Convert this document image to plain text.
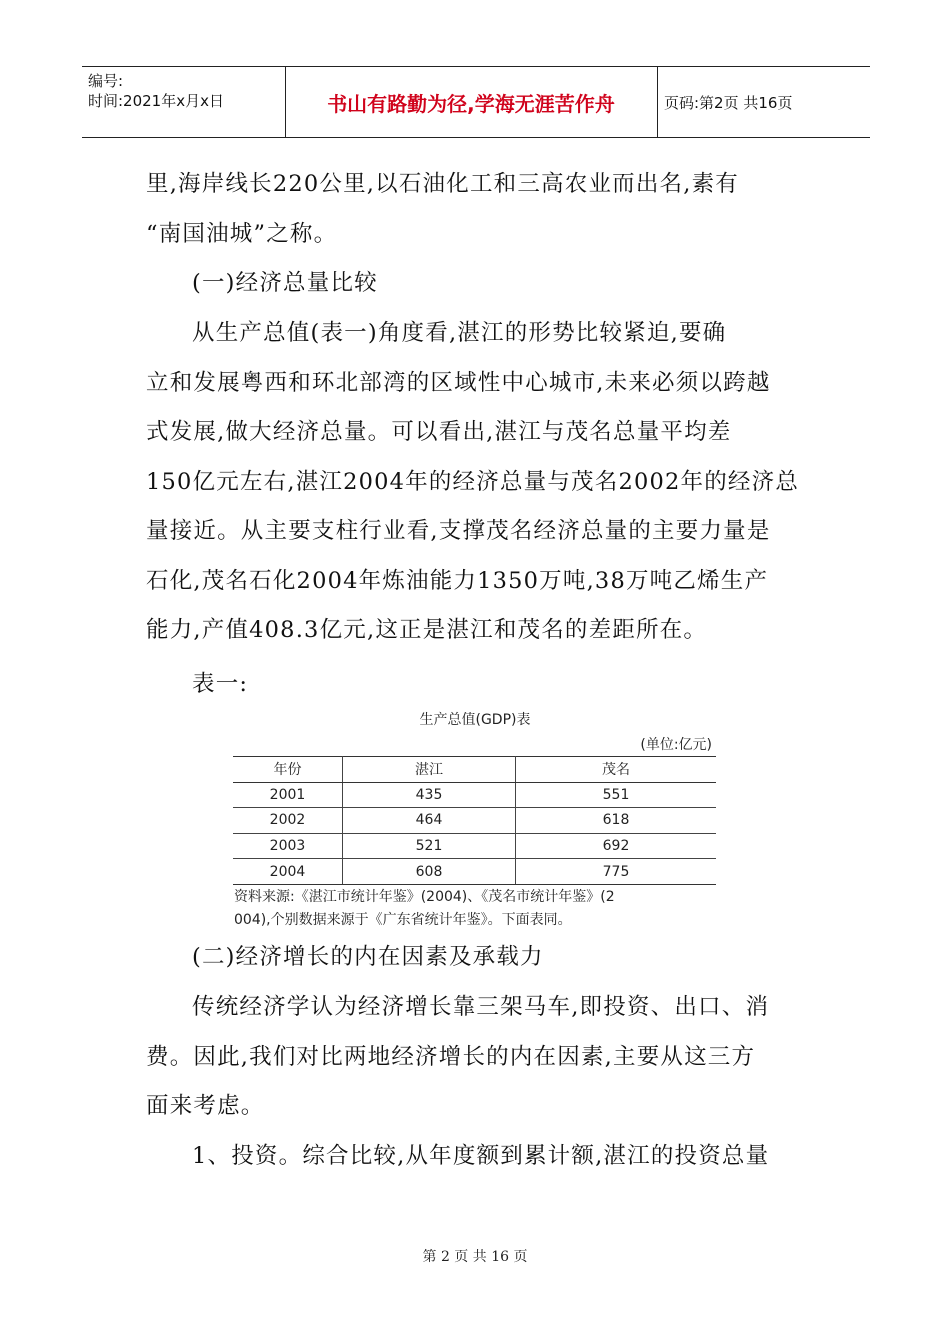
编号:
时间:2021年x月x日	书山有路勤为径,学海无涯苦作舟	页码:第2页 共16页
里,海岸线长220公里,以石油化工和三高农业而出名,素有
“南国油城”之称。
(一)经济总量比较
从生产总值(表一)角度看,湛江的形势比较紧迫,要确
立和发展粤西和环北部湾的区域性中心城市,未来必须以跨越
式发展,做大经济总量。可以看出,湛江与茂名总量平均差
150亿元左右,湛江2004年的经济总量与茂名2002年的经济总
量接近。从主要支柱行业看,支撑茂名经济总量的主要力量是
石化,茂名石化2004年炼油能力1350万吨,38万吨乙烯生产
能力,产值408.3亿元,这正是湛江和茂名的差距所在。
表一:
生产总值(GDP)表
(单位:亿元)
年份	湛江	茂名
2001	435	551
2002	464	618
2003	521	692
2004	608	775
资料来源:《湛江市统计年鉴》(2004)、《茂名市统计年鉴》(2
004),个别数据来源于《广东省统计年鉴》。下面表同。
(二)经济增长的内在因素及承载力
传统经济学认为经济增长靠三架马车,即投资、出口、消
费。因此,我们对比两地经济增长的内在因素,主要从这三方
面来考虑。
1、投资。综合比较,从年度额到累计额,湛江的投资总量
第 2 页 共 16 页
